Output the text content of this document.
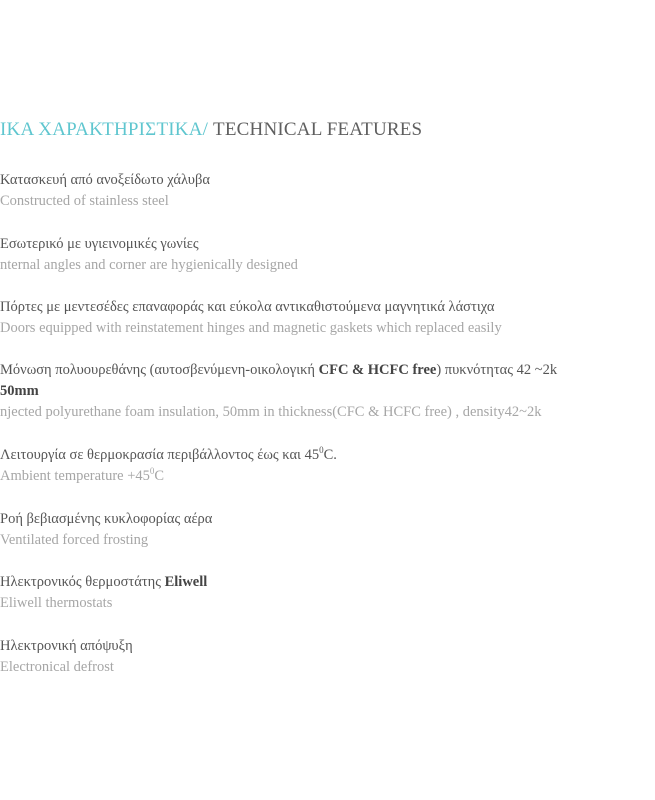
ΙΚΑ ΧΑΡΑΚΤΗΡΙΣΤΙΚΑ/ TECHNICAL FEATURES
Κατασκευή από ανοξείδωτο χάλυβα
Constructed of stainless steel
Εσωτερικό με υγιεινομικές γωνίες
nternal angles and corner are hygienically designed
Πόρτες με μεντεσέδες επαναφοράς και εύκολα αντικαθιστούμενα μαγνητικά λάστιχα
Doors equipped with reinstatement hinges and magnetic gaskets which replaced easily
Μόνωση πολυουρεθάνης (αυτοσβενύμενη-οικολογική CFC & HCFC free) πυκνότητας 42 ~2k
50mm
njected polyurethane foam insulation, 50mm in thickness(CFC & HCFC free) , density42~2k
Λειτουργία σε θερμοκρασία περιβάλλοντος έως και $45^0C$.
Ambient temperature $+45^0C$
Ροή βεβιασμένης κυκλοφορίας αέρα
Ventilated forced frosting
Ηλεκτρονικός θερμοστάτης Eliwell
Eliwell thermostats
Ηλεκτρονική απόψυξη
Electronical defrost
